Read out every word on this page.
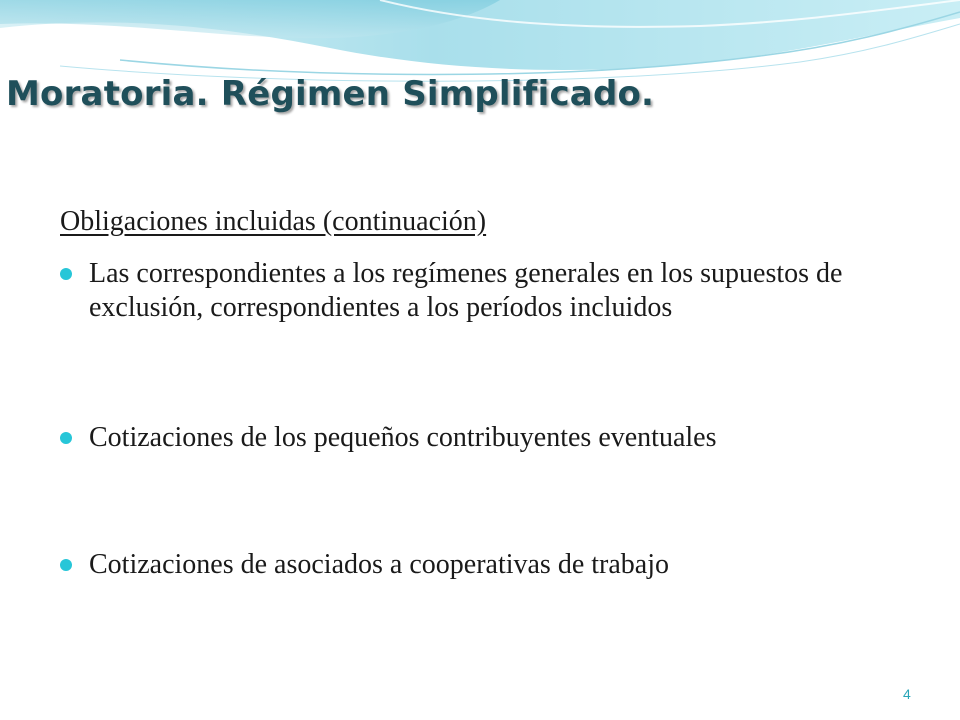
Moratoria. Régimen Simplificado.
Obligaciones incluidas (continuación)
Las correspondientes a los regímenes generales en los supuestos de exclusión, correspondientes a los períodos incluidos
Cotizaciones de los pequeños contribuyentes eventuales
Cotizaciones de asociados a cooperativas de trabajo
4
